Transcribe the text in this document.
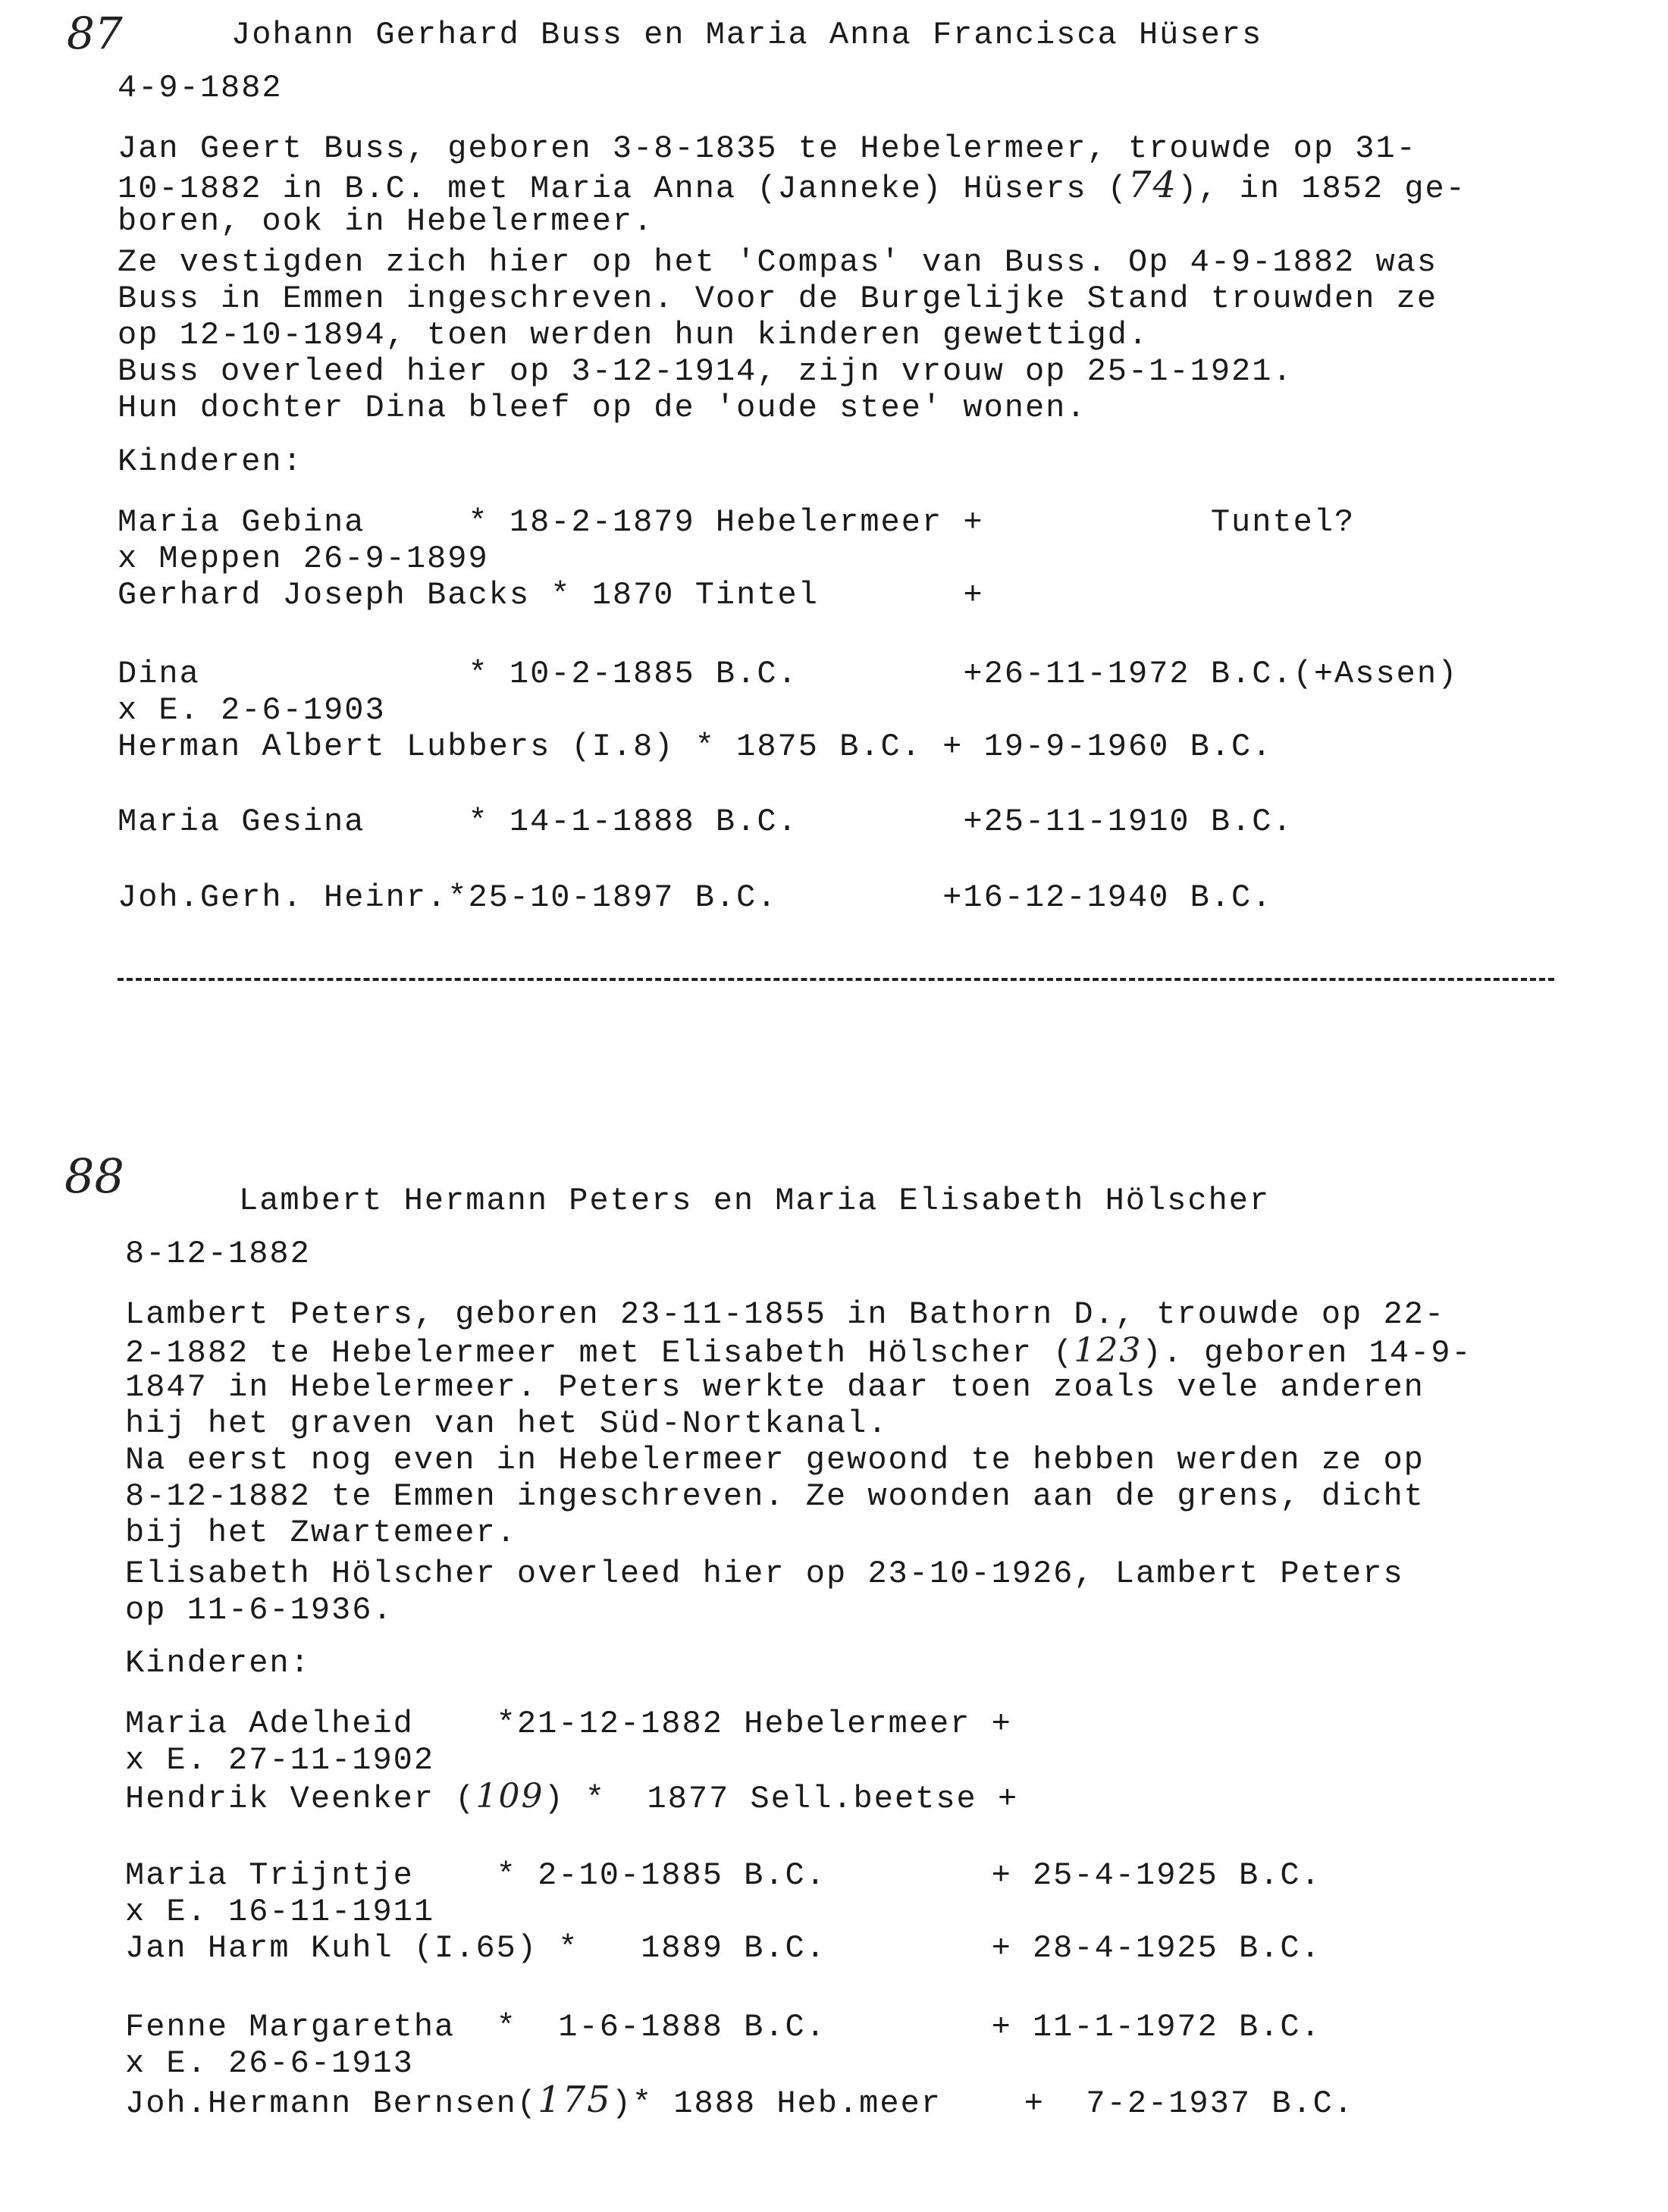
87	Johann Gerhard Buss en Maria Anna Francisca Hüsers
4-9-1882
Jan Geert Buss, geboren 3-8-1835 te Hebelermeer, trouwde op 31-
10-1882 in B.C. met Maria Anna (Janneke) Hüsers (74), in 1852 ge-
boren, ook in Hebelermeer.
Ze vestigden zich hier op het 'Compas' van Buss. Op 4-9-1882 was
Buss in Emmen ingeschreven. Voor de Burgelijke Stand trouwden ze
op 12-10-1894, toen werden hun kinderen gewettigd.
Buss overleed hier op 3-12-1914, zijn vrouw op 25-1-1921.
Hun dochter Dina bleef op de 'oude stee' wonen.
Kinderen:
Maria Gebina     * 18-2-1879 Hebelermeer +           Tuntel?
x Meppen 26-9-1899
Gerhard Joseph Backs * 1870 Tintel       +
Dina             * 10-2-1885 B.C.        +26-11-1972 B.C.(+Assen)
x E. 2-6-1903
Herman Albert Lubbers (I.8) * 1875 B.C. + 19-9-1960 B.C.
Maria Gesina     * 14-1-1888 B.C.        +25-11-1910 B.C.
Joh.Gerh. Heinr.*25-10-1897 B.C.        +16-12-1940 B.C.
88	Lambert Hermann Peters en Maria Elisabeth Hölscher
8-12-1882
Lambert Peters, geboren 23-11-1855 in Bathorn D., trouwde op 22-
2-1882 te Hebelermeer met Elisabeth Hölscher (123). geboren 14-9-
1847 in Hebelermeer. Peters werkte daar toen zoals vele anderen
hij het graven van het Süd-Nortkanal.
Na eerst nog even in Hebelermeer gewoond te hebben werden ze op
8-12-1882 te Emmen ingeschreven. Ze woonden aan de grens, dicht
bij het Zwartemeer.
Elisabeth Hölscher overleed hier op 23-10-1926, Lambert Peters
op 11-6-1936.
Kinderen:
Maria Adelheid    *21-12-1882 Hebelermeer +
x E. 27-11-1902
Hendrik Veenker (109) *  1877 Sell.beetse +
Maria Trijntje    * 2-10-1885 B.C.        + 25-4-1925 B.C.
x E. 16-11-1911
Jan Harm Kuhl (I.65) *   1889 B.C.        + 28-4-1925 B.C.
Fenne Margaretha  *  1-6-1888 B.C.        + 11-1-1972 B.C.
x E. 26-6-1913
Joh.Hermann Bernsen(175)* 1888 Heb.meer    +  7-2-1937 B.C.
